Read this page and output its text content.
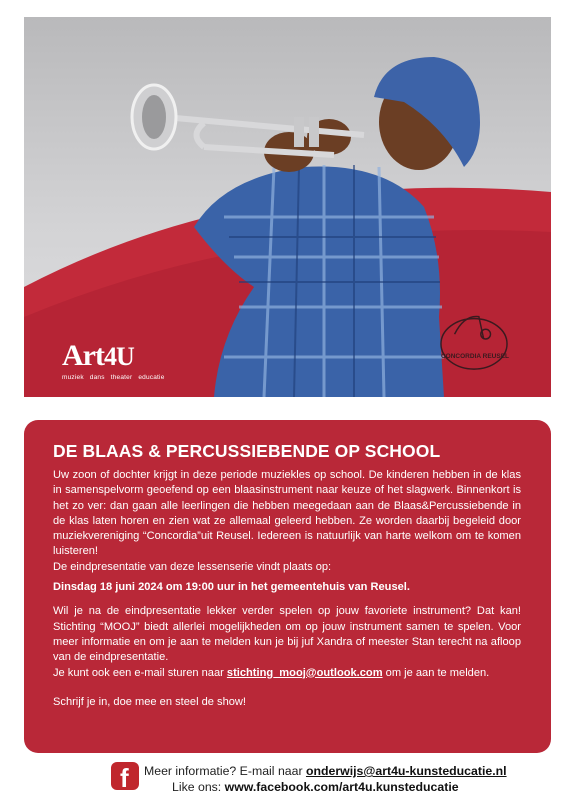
Art4U
muziek dans theater educatie
CONCORDIA REUSEL
DE BLAAS & PERCUSSIEBENDE OP SCHOOL

Uw zoon of dochter krijgt in deze periode muziekles op school. De kinderen hebben in de klas in samenspelvorm geoefend op een blaasinstrument naar keuze of het slagwerk. Binnenkort is het zo ver: dan gaan alle leerlingen die hebben meegedaan aan de Blaas&Percussiebende in de klas laten horen en zien wat ze allemaal geleerd hebben. Ze worden daarbij begeleid door muziekvereniging “Concordia”uit Reusel. Iedereen is natuurlijk van harte welkom om te komen luisteren!

De eindpresentatie van deze lessenserie vindt plaats op:

Dinsdag 18 juni 2024 om 19:00 uur in het gemeentehuis van Reusel.

Wil je na de eindpresentatie lekker verder spelen op jouw favoriete instrument? Dat kan! Stichting “MOOJ” biedt allerlei mogelijkheden om op jouw instrument samen te spelen. Voor meer informatie en om je aan te melden kun je bij juf Xandra of meester Stan terecht na afloop van de eindpresentatie.

Je kunt ook een e-mail sturen naar stichting_mooj@outlook.com om je aan te melden.

Schrijf je in, doe mee en steel de show!

f Meer informatie? E-mail naar onderwijs@art4u-kunsteducatie.nl
Like ons: www.facebook.com/art4u.kunsteducatie
